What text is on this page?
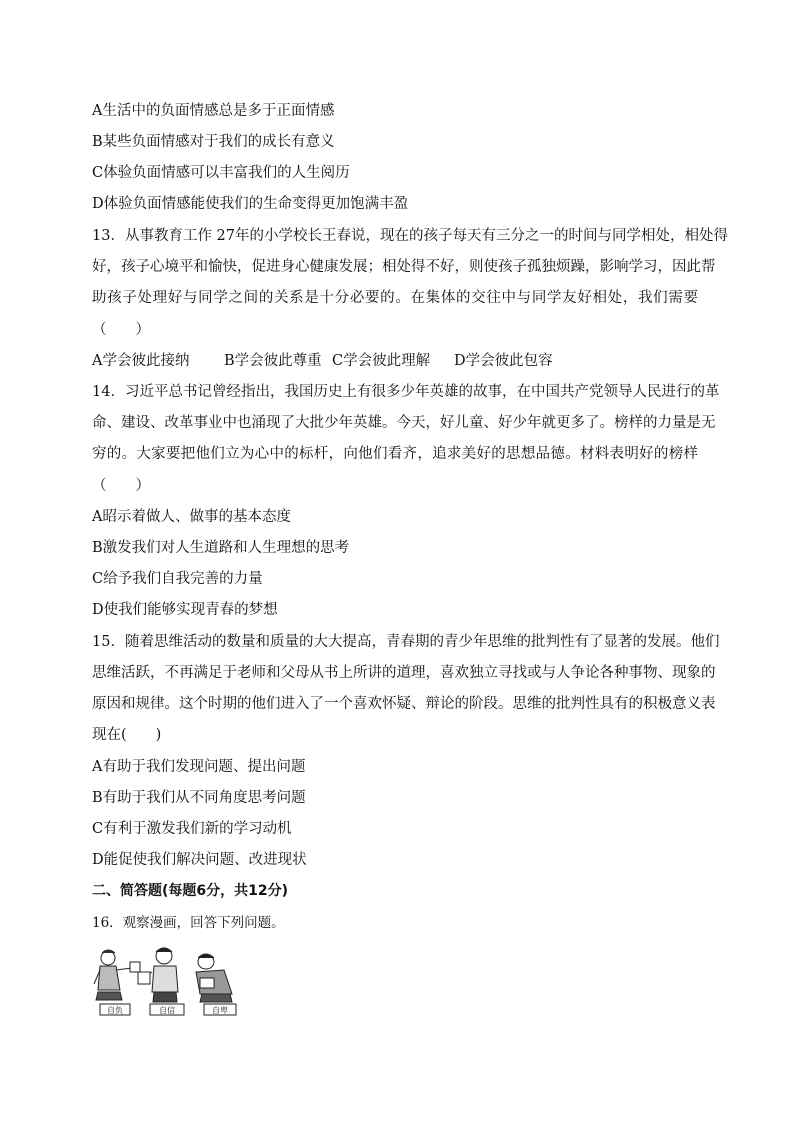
A生活中的负面情感总是多于正面情感
B某些负面情感对于我们的成长有意义
C体验负面情感可以丰富我们的人生阅历
D体验负面情感能使我们的生命变得更加饱满丰盈
13．从事教育工作 27年的小学校长王春说，现在的孩子每天有三分之一的时间与同学相处，相处得
好，孩子心境平和愉快，促进身心健康发展；相处得不好，则使孩子孤独烦躁，影响学习，因此帮
助孩子处理好与同学之间的关系是十分必要的。在集体的交往中与同学友好相处，我们需要
（　　）
A学会彼此接纳 B学会彼此尊重 C学会彼此理解 D学会彼此包容
14．习近平总书记曾经指出，我国历史上有很多少年英雄的故事，在中国共产党领导人民进行的革
命、建设、改革事业中也涌现了大批少年英雄。今天，好儿童、好少年就更多了。榜样的力量是无
穷的。大家要把他们立为心中的标杆，向他们看齐，追求美好的思想品德。材料表明好的榜样
（　　）
A昭示着做人、做事的基本态度
B激发我们对人生道路和人生理想的思考
C给予我们自我完善的力量
D使我们能够实现青春的梦想
15．随着思维活动的数量和质量的大大提高，青春期的青少年思维的批判性有了显著的发展。他们
思维活跃，不再满足于老师和父母从书上所讲的道理，喜欢独立寻找或与人争论各种事物、现象的
原因和规律。这个时期的他们进入了一个喜欢怀疑、辩论的阶段。思维的批判性具有的积极意义表
现在(　　)
A有助于我们发现问题、提出问题
B有助于我们从不同角度思考问题
C有利于激发我们新的学习动机
D能促使我们解决问题、改进现状
二、简答题(每题6分，共12分)
16．观察漫画，回答下列问题。
自负	自信	自卑
